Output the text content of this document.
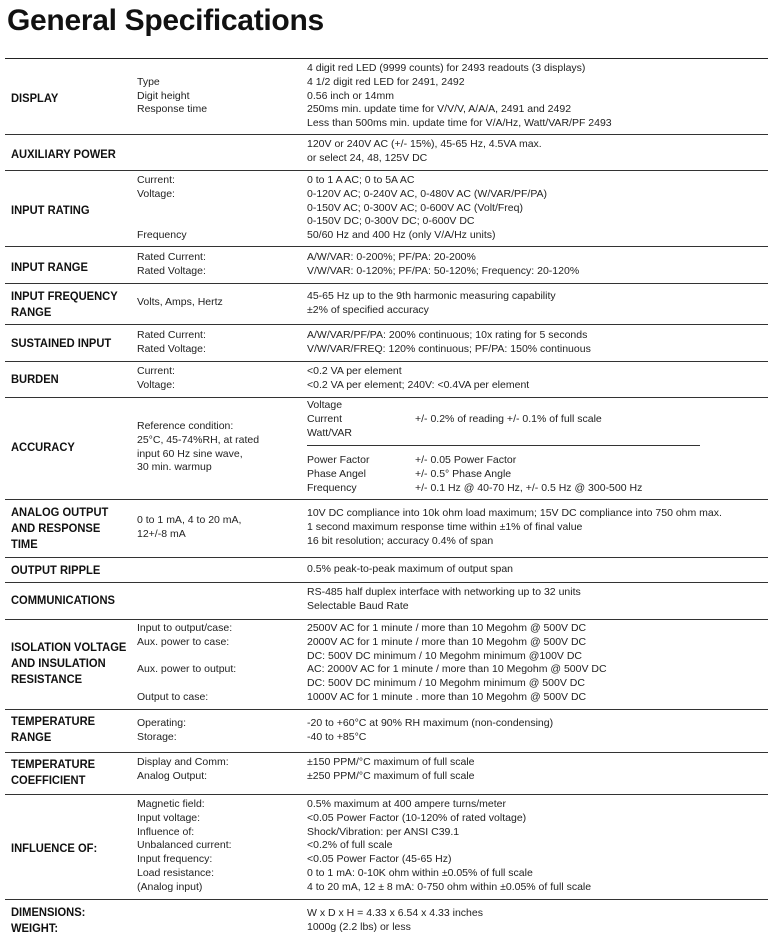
General Specifications
DISPLAY
Type
Digit height
Response time
4 digit red LED (9999 counts) for 2493 readouts (3 displays)
4 1/2 digit red LED for 2491, 2492
0.56 inch or 14mm
250ms min. update time for V/V/V, A/A/A, 2491 and 2492
Less than 500ms min. update time for V/A/Hz, Watt/VAR/PF 2493
AUXILIARY POWER
120V or 240V AC (+/- 15%), 45-65 Hz, 4.5VA max.
or select 24, 48, 125V DC
INPUT RATING
Current:
Voltage:
Frequency
0 to 1 A AC; 0 to 5A AC
0-120V AC; 0-240V AC, 0-480V AC (W/VAR/PF/PA)
0-150V AC; 0-300V AC; 0-600V AC (Volt/Freq)
0-150V DC; 0-300V DC; 0-600V DC
50/60 Hz and 400 Hz (only V/A/Hz units)
INPUT RANGE
Rated Current:
Rated Voltage:
A/W/VAR: 0-200%; PF/PA: 20-200%
V/W/VAR: 0-120%; PF/PA: 50-120%; Frequency: 20-120%
INPUT FREQUENCY
RANGE
Volts, Amps, Hertz	45-65 Hz up to the 9th harmonic measuring capability
±2% of specified accuracy
SUSTAINED INPUT
Rated Current:
Rated Voltage:
A/W/VAR/PF/PA: 200% continuous; 10x rating for 5 seconds
V/W/VAR/FREQ: 120% continuous; PF/PA: 150% continuous
BURDEN
Current:
Voltage:
<0.2 VA per element
<0.2 VA per element; 240V: <0.4VA per element
ACCURACY
Reference condition:
25°C, 45-74%RH, at rated
input 60 Hz sine wave,
30 min. warmup
Voltage
Current
Watt/VAR
+/- 0.2% of reading +/- 0.1% of full scale
Power Factor
Phase Angel
Frequency
+/- 0.05 Power Factor
+/- 0.5° Phase Angle
+/- 0.1 Hz @ 40-70 Hz, +/- 0.5 Hz @ 300-500 Hz
ANALOG OUTPUT
AND RESPONSE
TIME
0 to 1 mA, 4 to 20 mA,
12+/-8 mA
10V DC compliance into 10k ohm load maximum; 15V DC compliance into 750 ohm max.
1 second maximum response time within ±1% of final value
16 bit resolution; accuracy 0.4% of span
OUTPUT RIPPLE	0.5% peak-to-peak maximum of output span
COMMUNICATIONS
RS-485 half duplex interface with networking up to 32 units
Selectable Baud Rate
ISOLATION VOLTAGE
AND INSULATION
RESISTANCE
Input to output/case:
Aux. power to case:
Aux. power to output:
Output to case:
2500V AC for 1 minute / more than 10 Megohm @ 500V DC
2000V AC for 1 minute / more than 10 Megohm @ 500V DC
DC: 500V DC minimum / 10 Megohm minimum @100V DC
AC: 2000V AC for 1 minute / more than 10 Megohm @ 500V DC
DC: 500V DC minimum / 10 Megohm minimum @ 500V DC
1000V AC for 1 minute . more than 10 Megohm @ 500V DC
TEMPERATURE
RANGE
Operating:
Storage:
-20 to +60°C at 90% RH maximum (non-condensing)
-40 to +85°C
TEMPERATURE
COEFFICIENT
Display and Comm:
Analog Output:
±150 PPM/°C maximum of full scale
±250 PPM/°C maximum of full scale
INFLUENCE OF:
Magnetic field:
Input voltage:
Influence of:
Unbalanced current:
Input frequency:
Load resistance:
(Analog input)
0.5% maximum at 400 ampere turns/meter
<0.05 Power Factor (10-120% of rated voltage)
Shock/Vibration: per ANSI C39.1
<0.2% of full scale
<0.05 Power Factor (45-65 Hz)
0 to 1 mA: 0-10K ohm within ±0.05% of full scale
4 to 20 mA, 12 ± 8 mA: 0-750 ohm within ±0.05% of full scale
DIMENSIONS:
WEIGHT:
W x D x H = 4.33 x 6.54 x 4.33 inches
1000g (2.2 lbs) or less
